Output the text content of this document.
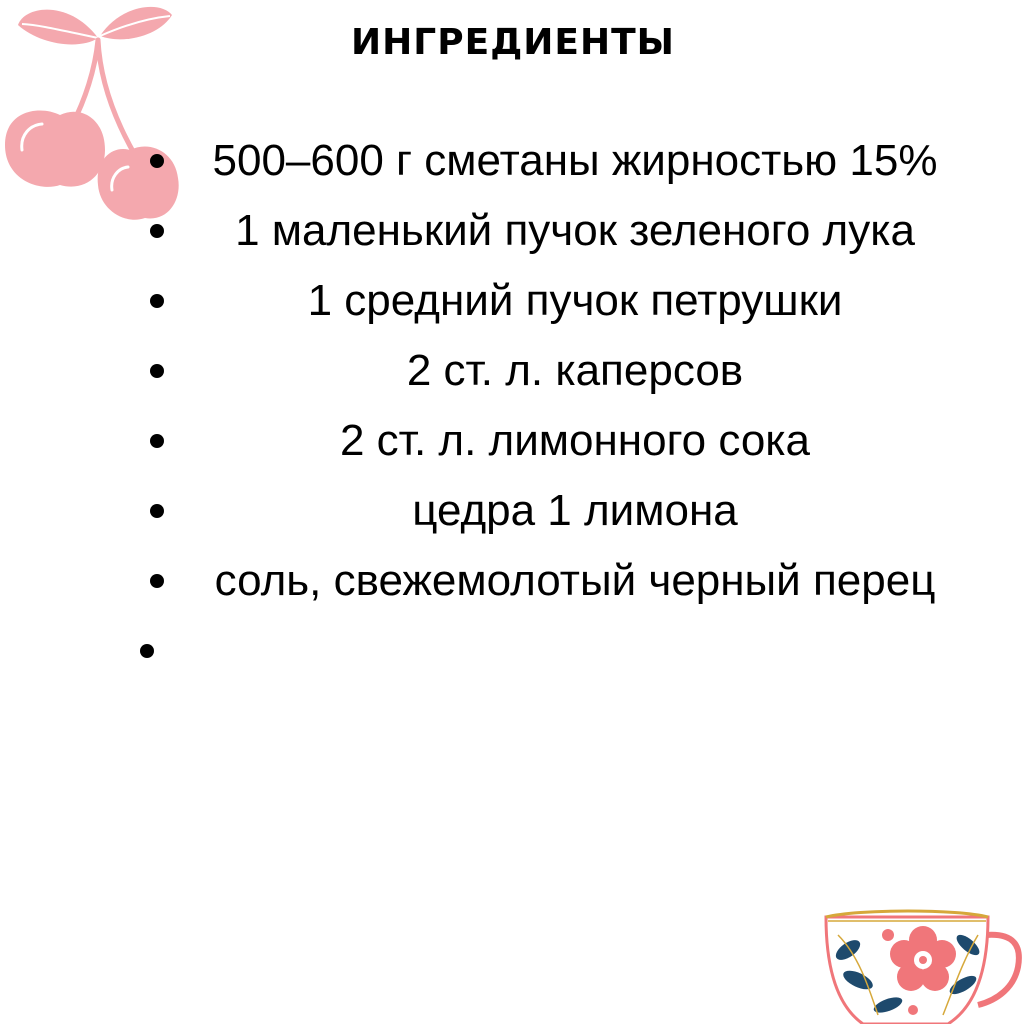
ИНГРЕДИЕНТЫ
500–600 г сметаны жирностью 15%
1 маленький пучок зеленого лука
1 средний пучок петрушки
2 ст. л. каперсов
2 ст. л. лимонного сока
цедра 1 лимона
соль, свежемолотый черный перец
